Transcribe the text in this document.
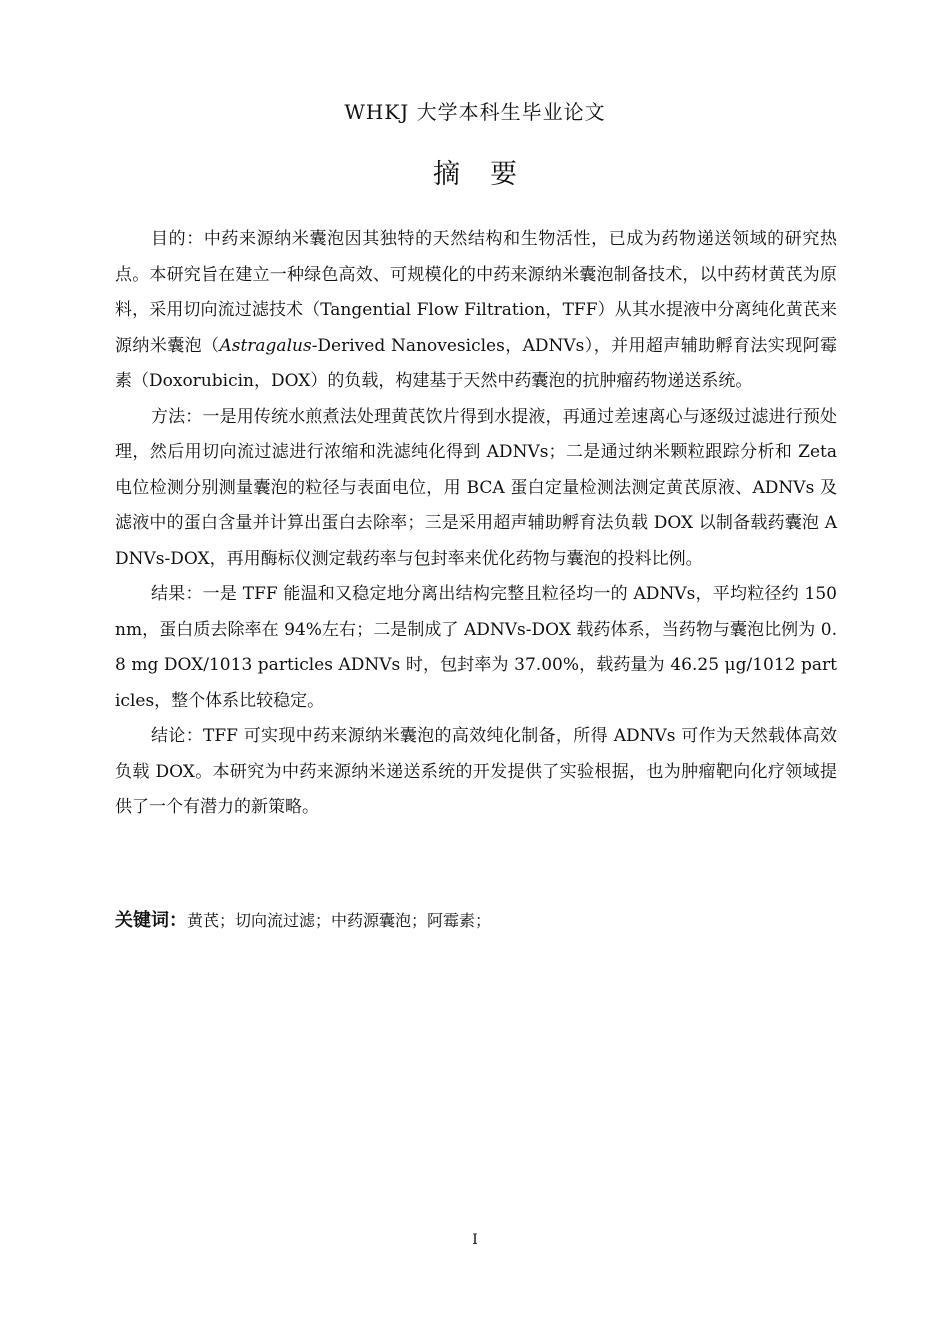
WHKJ 大学本科生毕业论文
摘要

目的：中药来源纳米囊泡因其独特的天然结构和生物活性，已成为药物递送领域的研究热点。本研究旨在建立一种绿色高效、可规模化的中药来源纳米囊泡制备技术，以中药材黄芪为原料，采用切向流过滤技术（Tangential Flow Filtration，TFF）从其水提液中分离纯化黄芪来源纳米囊泡（Astragalus-Derived Nanovesicles，ADNVs），并用超声辅助孵育法实现阿霉素（Doxorubicin，DOX）的负载，构建基于天然中药囊泡的抗肿瘤药物递送系统。

方法：一是用传统水煎煮法处理黄芪饮片得到水提液，再通过差速离心与逐级过滤进行预处理，然后用切向流过滤进行浓缩和洗滤纯化得到 ADNVs；二是通过纳米颗粒跟踪分析和 Zeta 电位检测分别测量囊泡的粒径与表面电位，用 BCA 蛋白定量检测法测定黄芪原液、ADNVs 及滤液中的蛋白含量并计算出蛋白去除率；三是采用超声辅助孵育法负载 DOX 以制备载药囊泡 ADNVs-DOX，再用酶标仪测定载药率与包封率来优化药物与囊泡的投料比例。

结果：一是 TFF 能温和又稳定地分离出结构完整且粒径均一的 ADNVs，平均粒径约 150 nm，蛋白质去除率在 94%左右；二是制成了 ADNVs-DOX 载药体系，当药物与囊泡比例为 0.8 mg DOX/1013 particles ADNVs 时，包封率为 37.00%，载药量为 46.25 μg/1012 particles，整个体系比较稳定。

结论：TFF 可实现中药来源纳米囊泡的高效纯化制备，所得 ADNVs 可作为天然载体高效负载 DOX。本研究为中药来源纳米递送系统的开发提供了实验根据，也为肿瘤靶向化疗领域提供了一个有潜力的新策略。

关键词：黄芪；切向流过滤；中药源囊泡；阿霉素；
I
